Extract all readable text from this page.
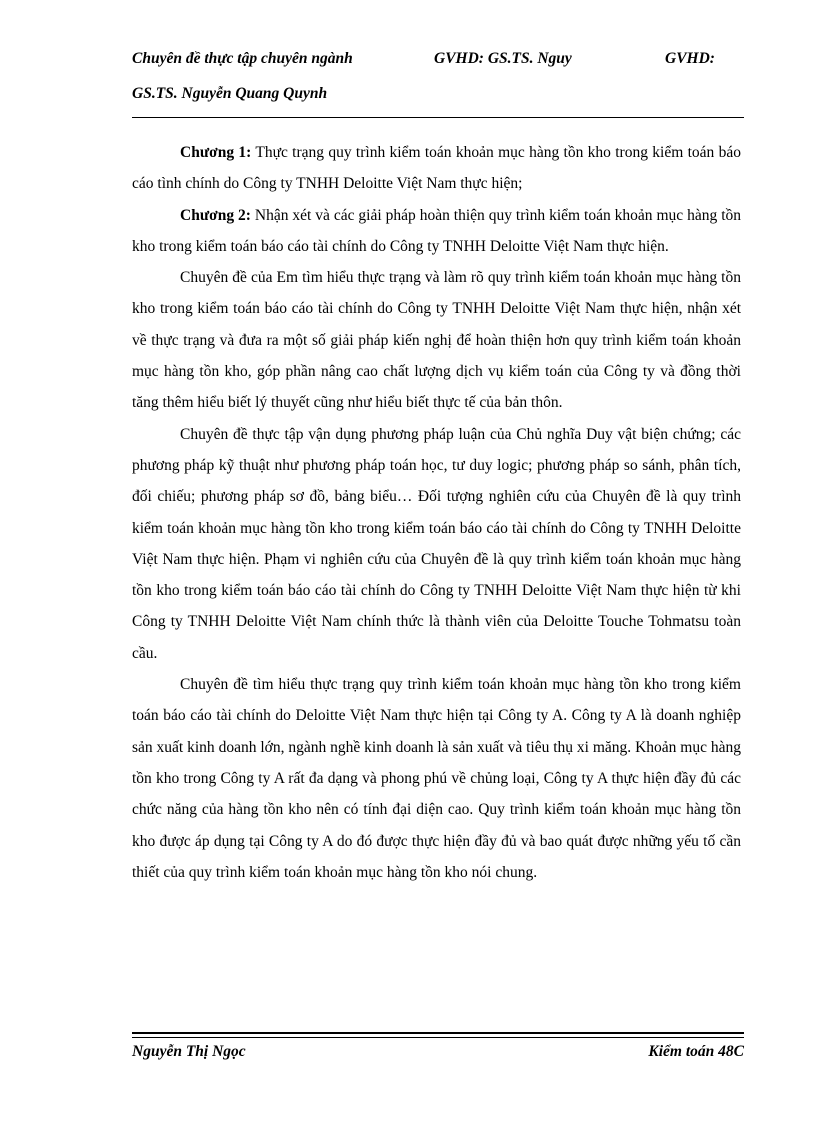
Chuyên đề thực tập chuyên ngành	GVHD: GS.TS. Nguy	GVHD:
GS.TS. Nguyễn Quang Quynh

Chương 1: Thực trạng quy trình kiểm toán khoản mục hàng tồn kho trong kiểm toán báo cáo tình chính do Công ty TNHH Deloitte Việt Nam thực hiện;

Chương 2: Nhận xét và các giải pháp hoàn thiện quy trình kiểm toán khoản mục hàng tồn kho trong kiểm toán báo cáo tài chính do Công ty TNHH Deloitte Việt Nam thực hiện.

Chuyên đề của Em tìm hiểu thực trạng và làm rõ quy trình kiểm toán khoản mục hàng tồn kho trong kiểm toán báo cáo tài chính do Công ty TNHH Deloitte Việt Nam thực hiện, nhận xét về thực trạng và đưa ra một số giải pháp kiến nghị để hoàn thiện hơn quy trình kiểm toán khoản mục hàng tồn kho, góp phần nâng cao chất lượng dịch vụ kiểm toán của Công ty và đồng thời tăng thêm hiểu biết lý thuyết cũng như hiểu biết thực tế của bản thôn.

Chuyên đề thực tập vận dụng phương pháp luận của Chủ nghĩa Duy vật biện chứng; các phương pháp kỹ thuật như phương pháp toán học, tư duy logic; phương pháp so sánh, phân tích, đối chiếu; phương pháp sơ đồ, bảng biểu… Đối tượng nghiên cứu của Chuyên đề là quy trình kiểm toán khoản mục hàng tồn kho trong kiểm toán báo cáo tài chính do Công ty TNHH Deloitte Việt Nam thực hiện. Phạm vi nghiên cứu của Chuyên đề là quy trình kiểm toán khoản mục hàng tồn kho trong kiểm toán báo cáo tài chính do Công ty TNHH Deloitte Việt Nam thực hiện từ khi Công ty TNHH Deloitte Việt Nam chính thức là thành viên của Deloitte Touche Tohmatsu toàn cầu.

Chuyên đề tìm hiểu thực trạng quy trình kiểm toán khoản mục hàng tồn kho trong kiểm toán báo cáo tài chính do Deloitte Việt Nam thực hiện tại Công ty A. Công ty A là doanh nghiệp sản xuất kinh doanh lớn, ngành nghề kinh doanh là sản xuất và tiêu thụ xi măng. Khoản mục hàng tồn kho trong Công ty A rất đa dạng và phong phú về chủng loại, Công ty A thực hiện đầy đủ các chức năng của hàng tồn kho nên có tính đại diện cao. Quy trình kiểm toán khoản mục hàng tồn kho được áp dụng tại Công ty A do đó được thực hiện đầy đủ và bao quát được những yếu tố cần thiết của quy trình kiểm toán khoản mục hàng tồn kho nói chung.

Nguyễn Thị Ngọc	Kiểm toán 48C
